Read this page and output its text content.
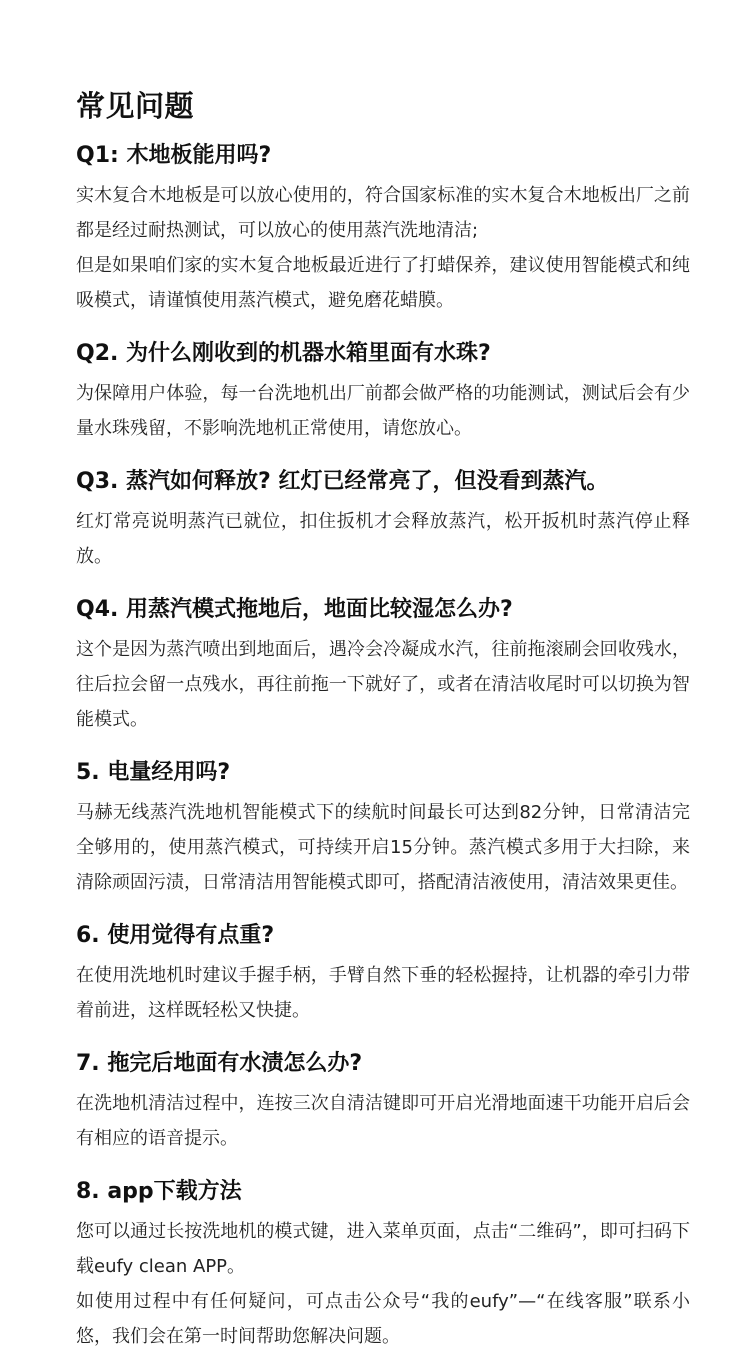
常见问题
Q1: 木地板能用吗?

实木复合木地板是可以放心使用的，符合国家标准的实木复合木地板出厂之前都是经过耐热测试，可以放心的使用蒸汽洗地清洁;

但是如果咱们家的实木复合地板最近进行了打蜡保养，建议使用智能模式和纯吸模式，请谨慎使用蒸汽模式，避免磨花蜡膜。

Q2. 为什么刚收到的机器水箱里面有水珠?

为保障用户体验，每一台洗地机出厂前都会做严格的功能测试，测试后会有少量水珠残留，不影响洗地机正常使用，请您放心。

Q3. 蒸汽如何释放? 红灯已经常亮了，但没看到蒸汽。

红灯常亮说明蒸汽已就位，扣住扳机才会释放蒸汽，松开扳机时蒸汽停止释放。

Q4. 用蒸汽模式拖地后，地面比较湿怎么办?

这个是因为蒸汽喷出到地面后，遇冷会冷凝成水汽，往前拖滚刷会回收残水，往后拉会留一点残水，再往前拖一下就好了，或者在清洁收尾时可以切换为智能模式。

5. 电量经用吗?

马赫无线蒸汽洗地机智能模式下的续航时间最长可达到82分钟，日常清洁完全够用的，使用蒸汽模式，可持续开启15分钟。蒸汽模式多用于大扫除，来清除顽固污渍，日常清洁用智能模式即可，搭配清洁液使用，清洁效果更佳。

6. 使用觉得有点重?

在使用洗地机时建议手握手柄，手臂自然下垂的轻松握持，让机器的牵引力带着前进，这样既轻松又快捷。

7. 拖完后地面有水渍怎么办?

在洗地机清洁过程中，连按三次自清洁键即可开启光滑地面速干功能开启后会有相应的语音提示。

8. app下载方法

您可以通过长按洗地机的模式键，进入菜单页面，点击“二维码”，即可扫码下载eufy clean APP。

如使用过程中有任何疑问，可点击公众号“我的eufy”—“在线客服”联系小悠，我们会在第一时间帮助您解决问题。
